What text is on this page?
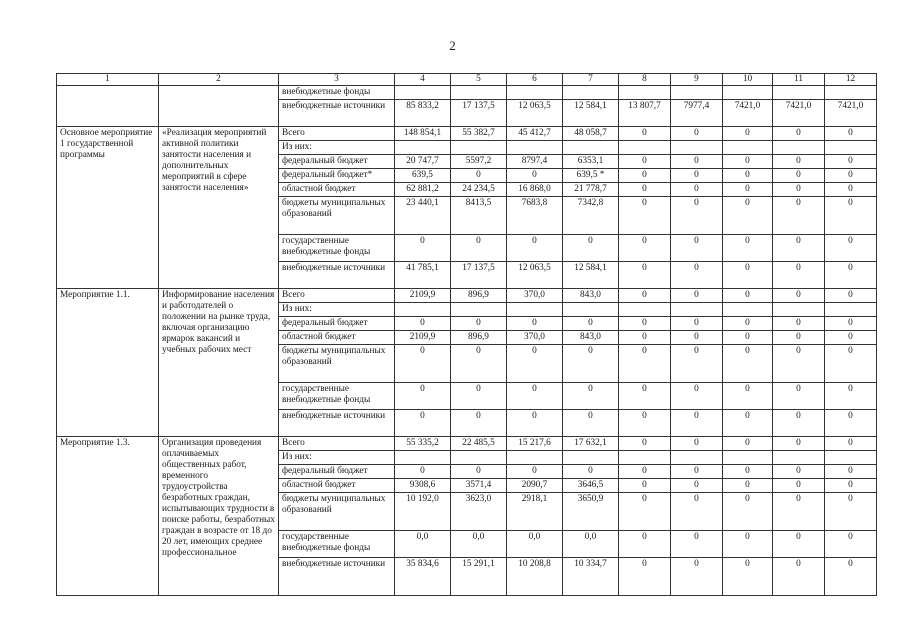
2
1	2	3	4	5	6	7	8	9	10	11	12
		внебюджетные фонды									
		внебюджетные источники	85 833,2	17 137,5	12 063,5	12 584,1	13 807,7	7977,4	7421,0	7421,0	7421,0
Основное мероприятие 1 государственной программы	«Реализация мероприятий активной политики занятости населения и дополнительных мероприятий в сфере занятости населения»	Всего	148 854,1	55 382,7	45 412,7	48 058,7	0	0	0	0	0
		Из них:									
		федеральный бюджет	20 747,7	5597,2	8797,4	6353,1	0	0	0	0	0
		федеральный бюджет*	639,5	0	0	639,5 *	0	0	0	0	0
		областной бюджет	62 881,2	24 234,5	16 868,0	21 778,7	0	0	0	0	0
		бюджеты муниципальных образований	23 440,1	8413,5	7683,8	7342,8	0	0	0	0	0
		государственные внебюджетные фонды	0	0	0	0	0	0	0	0	0
		внебюджетные источники	41 785,1	17 137,5	12 063,5	12 584,1	0	0	0	0	0
Мероприятие 1.1.	Информирование населения и работодателей о положении на рынке труда, включая организацию ярмарок вакансий и учебных рабочих мест	Всего	2109,9	896,9	370,0	843,0	0	0	0	0	0
		Из них:									
		федеральный бюджет	0	0	0	0	0	0	0	0	0
		областной бюджет	2109,9	896,9	370,0	843,0	0	0	0	0	0
		бюджеты муниципальных образований	0	0	0	0	0	0	0	0	0
		государственные внебюджетные фонды	0	0	0	0	0	0	0	0	0
		внебюджетные источники	0	0	0	0	0	0	0	0	0
Мероприятие 1.3.	Организация проведения оплачиваемых общественных работ, временного трудоустройства безработных граждан, испытывающих трудности в поиске работы, безработных граждан в возрасте от 18 до 20 лет, имеющих среднее профессиональное	Всего	55 335,2	22 485,5	15 217,6	17 632,1	0	0	0	0	0
		Из них:									
		федеральный бюджет	0	0	0	0	0	0	0	0	0
		областной бюджет	9308,6	3571,4	2090,7	3646,5	0	0	0	0	0
		бюджеты муниципальных образований	10 192,0	3623,0	2918,1	3650,9	0	0	0	0	0
		государственные внебюджетные фонды	0,0	0,0	0,0	0,0	0	0	0	0	0
		внебюджетные источники	35 834,6	15 291,1	10 208,8	10 334,7	0	0	0	0	0
